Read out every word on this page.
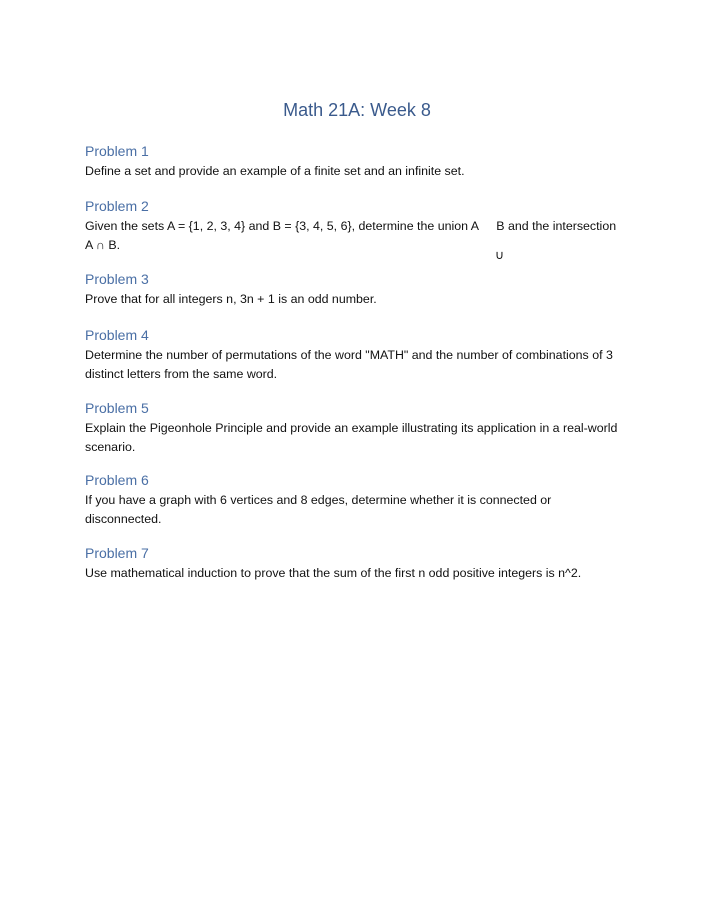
Math 21A: Week 8
Problem 1

Define a set and provide an example of a finite set and an infinite set.

Problem 2

Given the sets A = {1, 2, 3, 4} and B = {3, 4, 5, 6}, determine the union A     B and the intersection
A ∩ B.

∪
Problem 3

Prove that for all integers n, 3n + 1 is an odd number.

Problem 4

Determine the number of permutations of the word "MATH" and the number of combinations of 3 distinct letters from the same word.

Problem 5

Explain the Pigeonhole Principle and provide an example illustrating its application in a real-world scenario.

Problem 6

If you have a graph with 6 vertices and 8 edges, determine whether it is connected or disconnected.

Problem 7

Use mathematical induction to prove that the sum of the first n odd positive integers is n^2.
